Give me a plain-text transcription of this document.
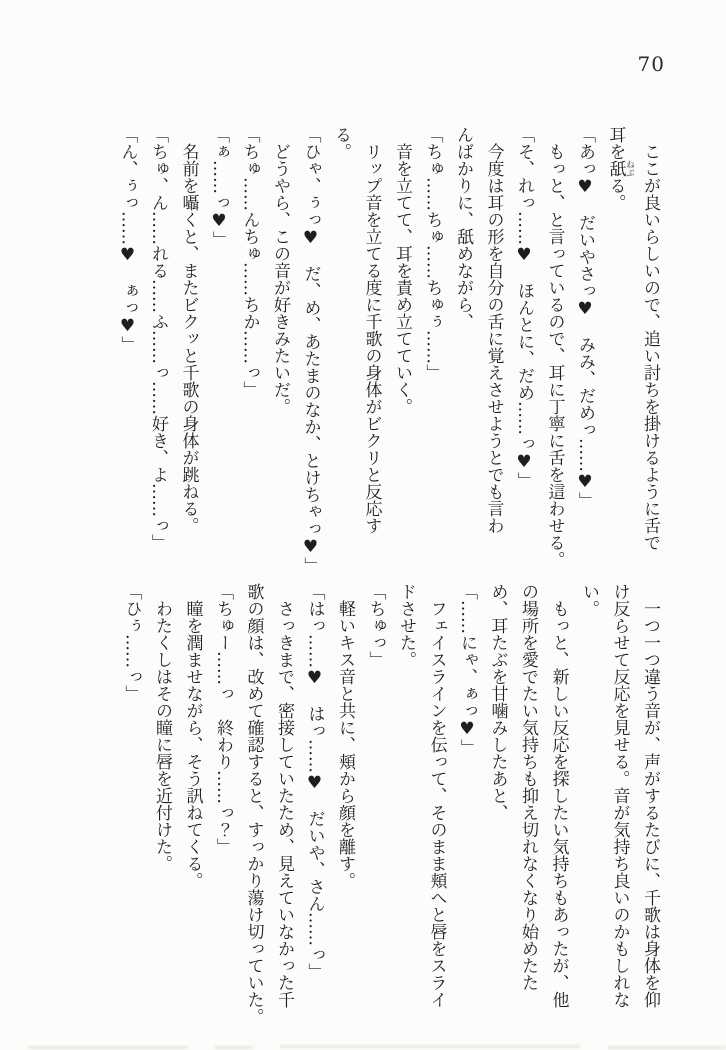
70
ここが良いらしいので、追い討ちを掛けるように舌で
耳を舐 ねぶる。
「あっ♥　だいやさっ♥　みみ、だめっ……♥」
もっと、と言っているので、耳に丁寧に舌を這わせる。
「そ、れっ……♥　ほんとに、だめ……っ♥」
今度は耳の形を自分の舌に覚えさせようとでも言わ
んばかりに、舐めながら、
「ちゅ……ちゅ……ちゅぅ……」
音を立てて、耳を責め立てていく。
リップ音を立てる度に千歌の身体がビクリと反応す
る。
「ひゃ、ぅっ♥　だ、め、あたまのなか、とけちゃっ♥」
どうやら、この音が好きみたいだ。
「ちゅ……んちゅ……ちか……っ」
「ぁ……っ♥」
名前を囁くと、またビクッと千歌の身体が跳ねる。
「ちゅ、ん……れる……ふ……っ……好き、よ……っ」
「ん、ぅっ……♥　ぁっ♥」
一つ一つ違う音が、声がするたびに、千歌は身体を仰
け反らせて反応を見せる。音が気持ち良いのかもしれな
い。
もっと、新しい反応を探したい気持ちもあったが、他
の場所を愛でたい気持ちも抑え切れなくなり始めたた
め、耳たぶを甘噛みしたあと、
「……にゃ、ぁっ♥」
フェイスラインを伝って、そのまま頬へと唇をスライ
ドさせた。
「ちゅっ」
軽いキス音と共に、頬から顔を離す。
「はっ……♥　はっ……♥　だいや、さん……っ」
さっきまで、密接していたため、見えていなかった千
歌の顔は、改めて確認すると、すっかり蕩け切っていた。
「ちゅー……っ　終わり……っ？」
瞳を潤ませながら、そう訊ねてくる。
わたくしはその瞳に唇を近付けた。
「ひぅ……っ」
